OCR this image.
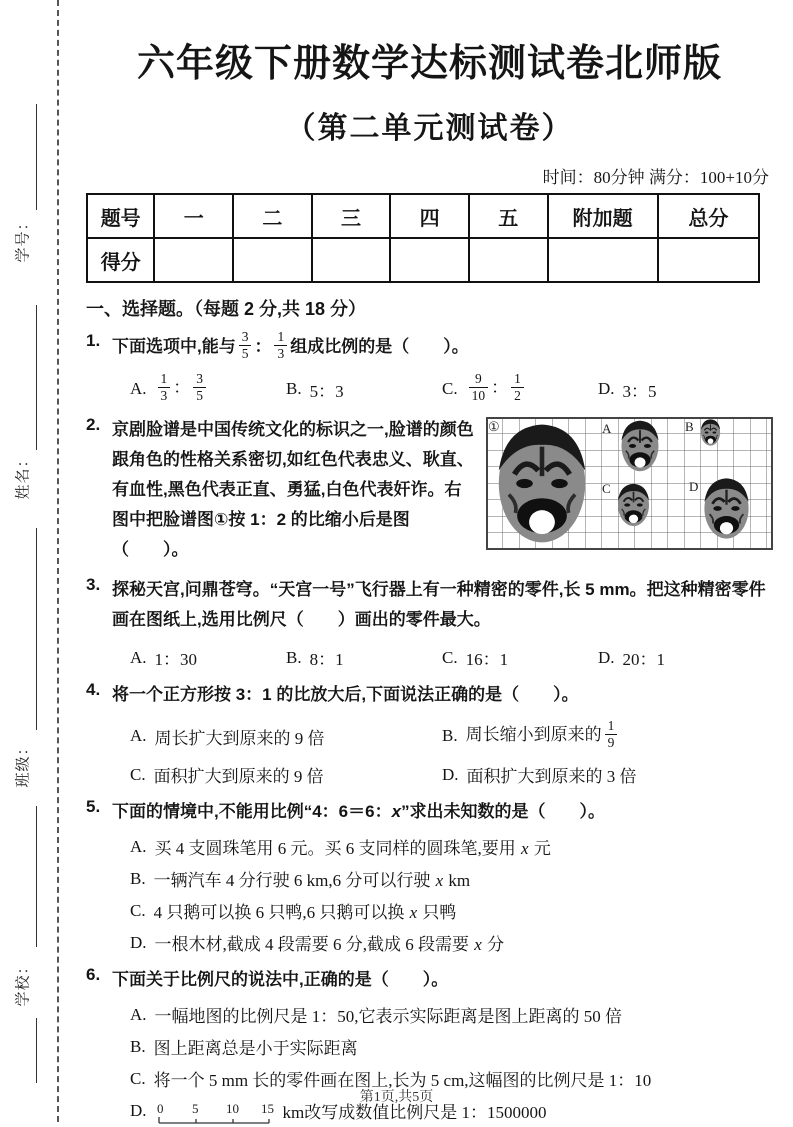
学号：
姓名：
班级：
学校：
六年级下册数学达标测试卷北师版
（第二单元测试卷）
时间：80分钟 满分：100+10分
题号	一	二	三	四	五	附加题	总分
得分							
一、选择题。（每题 2 分,共 18 分）
1. 下面选项中,能与 $\frac{3}{5}$ ： $\frac{1}{3}$ 组成比例的是（　　）。
A. $\frac{1}{3}$ ： $\frac{3}{5}$	B. 5：3	C. $\frac{9}{10}$ ： $\frac{1}{2}$	D. 3：5
2.	①	A	B
C	D
京剧脸谱是中国传统文化的标识之一,脸谱的颜色跟角色的性格关系密切,如红色代表忠义、耿直、有血性,黑色代表正直、勇猛,白色代表奸诈。右图中把脸谱图①按 1：2 的比缩小后是图（　　）。
3. 探秘天宫,问鼎苍穹。“天宫一号”飞行器上有一种精密的零件,长 5 mm。把这种精密零件画在图纸上,选用比例尺（　　）画出的零件最大。
A. 1：30	B. 8：1	C. 16：1	D. 20：1
4. 将一个正方形按 3：1 的比放大后,下面说法正确的是（　　）。
A. 周长扩大到原来的 9 倍	B. 周长缩小到原来的 $\frac{1}{9}$
C. 面积扩大到原来的 9 倍	D. 面积扩大到原来的 3 倍
5. 下面的情境中,不能用比例“4：6＝6：x”求出未知数的是（　　）。
A. 买 4 支圆珠笔用 6 元。买 6 支同样的圆珠笔,要用 x 元
B. 一辆汽车 4 分行驶 6 km,6 分可以行驶 x km
C. 4 只鹅可以换 6 只鸭,6 只鹅可以换 x 只鸭
D. 一根木材,截成 4 段需要 6 分,截成 6 段需要 x 分
6. 下面关于比例尺的说法中,正确的是（　　）。
A. 一幅地图的比例尺是 1：50,它表示实际距离是图上距离的 50 倍
B. 图上距离总是小于实际距离
C. 将一个 5 mm 长的零件画在图上,长为 5 cm,这幅图的比例尺是 1：10
D. 0 5 10 15 km改写成数值比例尺是 1：1500000
第1页,共5页
